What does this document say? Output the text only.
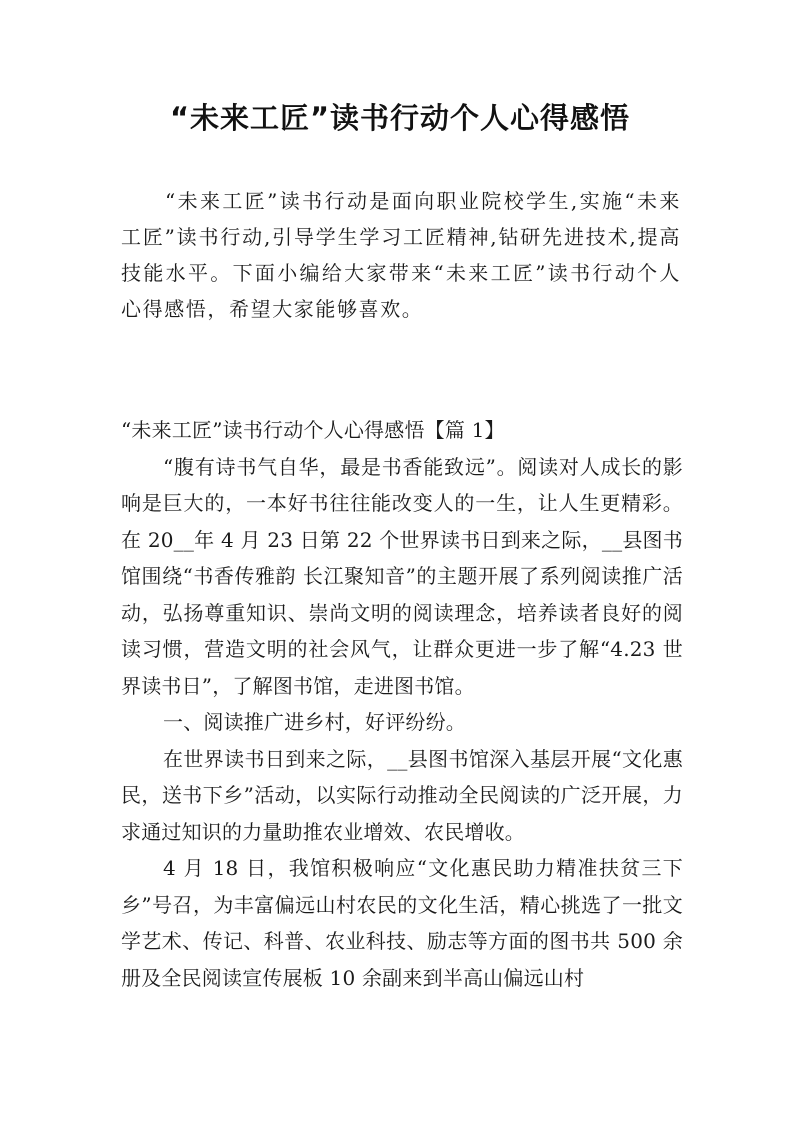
“未来工匠”读书行动个人心得感悟
“未来工匠”读书行动是面向职业院校学生,实施“未来工匠”读书行动,引导学生学习工匠精神,钻研先进技术,提高技能水平。下面小编给大家带来“未来工匠”读书行动个人心得感悟，希望大家能够喜欢。
“未来工匠”读书行动个人心得感悟【篇 1】

“腹有诗书气自华，最是书香能致远”。阅读对人成长的影响是巨大的，一本好书往往能改变人的一生，让人生更精彩。在 20__年 4 月 23 日第 22 个世界读书日到来之际，__县图书馆围绕“书香传雅韵 长江聚知音”的主题开展了系列阅读推广活动，弘扬尊重知识、崇尚文明的阅读理念，培养读者良好的阅读习惯，营造文明的社会风气，让群众更进一步了解“4.23 世界读书日”，了解图书馆，走进图书馆。

一、阅读推广进乡村，好评纷纷。

在世界读书日到来之际，__县图书馆深入基层开展“文化惠民，送书下乡”活动，以实际行动推动全民阅读的广泛开展，力求通过知识的力量助推农业增效、农民增收。

4 月 18 日，我馆积极响应“文化惠民助力精准扶贫三下乡”号召，为丰富偏远山村农民的文化生活，精心挑选了一批文学艺术、传记、科普、农业科技、励志等方面的图书共 500 余册及全民阅读宣传展板 10 余副来到半高山偏远山村
